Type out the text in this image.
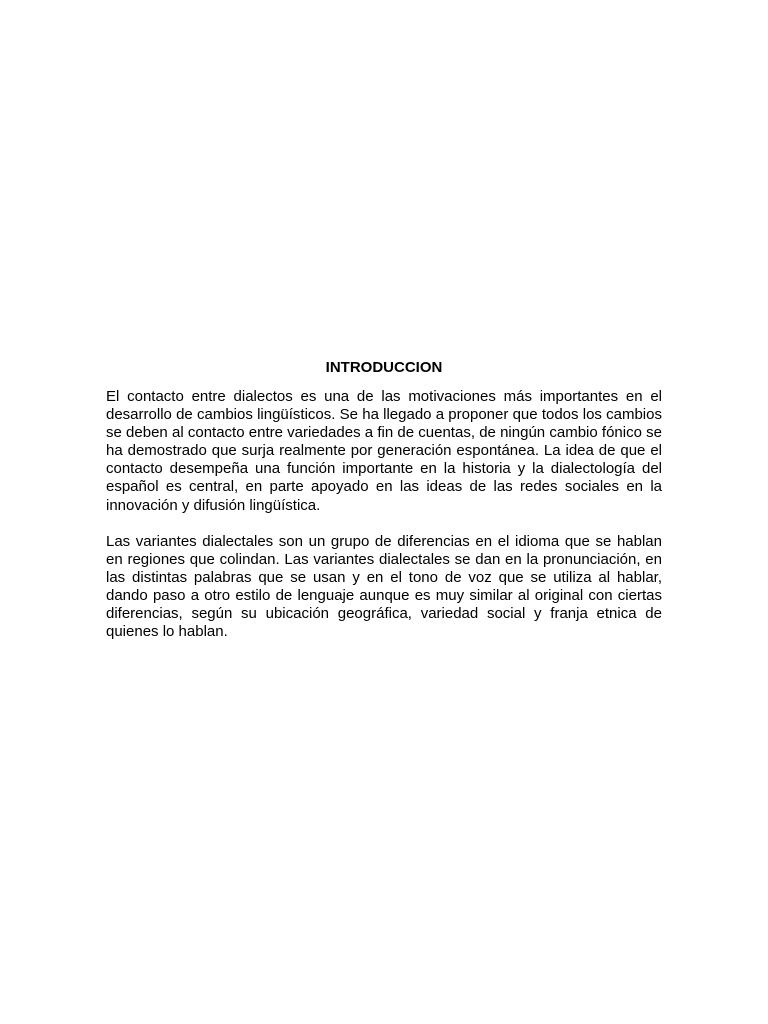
INTRODUCCION

El contacto entre dialectos es una de las motivaciones más importantes en el desarrollo de cambios lingüísticos. Se ha llegado a proponer que todos los cambios se deben al contacto entre variedades a fin de cuentas, de ningún cambio fónico se ha demostrado que surja realmente por generación espontánea. La idea de que el contacto desempeña una función importante en la historia y la dialectología del español es central, en parte apoyado en las ideas de las redes sociales en la innovación y difusión lingüística.

Las variantes dialectales son un grupo de diferencias en el idioma que se hablan en regiones que colindan. Las variantes dialectales se dan en la pronunciación, en las distintas palabras que se usan y en el tono de voz que se utiliza al hablar, dando paso a otro estilo de lenguaje aunque es muy similar al original con ciertas diferencias, según su ubicación geográfica, variedad social y franja etnica de quienes lo hablan.
